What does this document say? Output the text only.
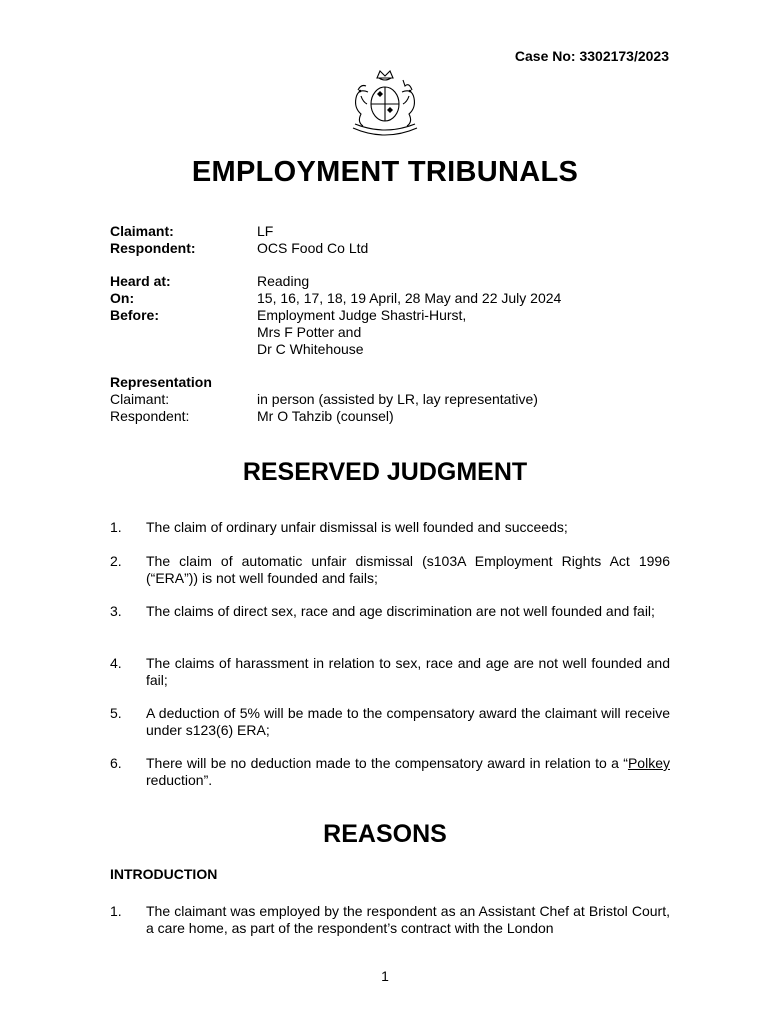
Case No: 3302173/2023
EMPLOYMENT TRIBUNALS
Claimant:	LF
Respondent:	OCS Food Co Ltd
Heard at:	Reading
On:	15, 16, 17, 18, 19 April, 28 May and 22 July 2024
Before:	Employment Judge Shastri-Hurst,
Mrs F Potter and
Dr C Whitehouse
Representation
Claimant:	in person (assisted by LR, lay representative)
Respondent:	Mr O Tahzib (counsel)
RESERVED JUDGMENT
1. The claim of ordinary unfair dismissal is well founded and succeeds;
2. The claim of automatic unfair dismissal (s103A Employment Rights Act 1996 (“ERA”)) is not well founded and fails;
3. The claims of direct sex, race and age discrimination are not well founded and fail;
4. The claims of harassment in relation to sex, race and age are not well founded and fail;
5. A deduction of 5% will be made to the compensatory award the claimant will receive under s123(6) ERA;
6. There will be no deduction made to the compensatory award in relation to a “Polkey reduction”.
REASONS
INTRODUCTION
1. The claimant was employed by the respondent as an Assistant Chef at Bristol Court, a care home, as part of the respondent’s contract with the London
1
